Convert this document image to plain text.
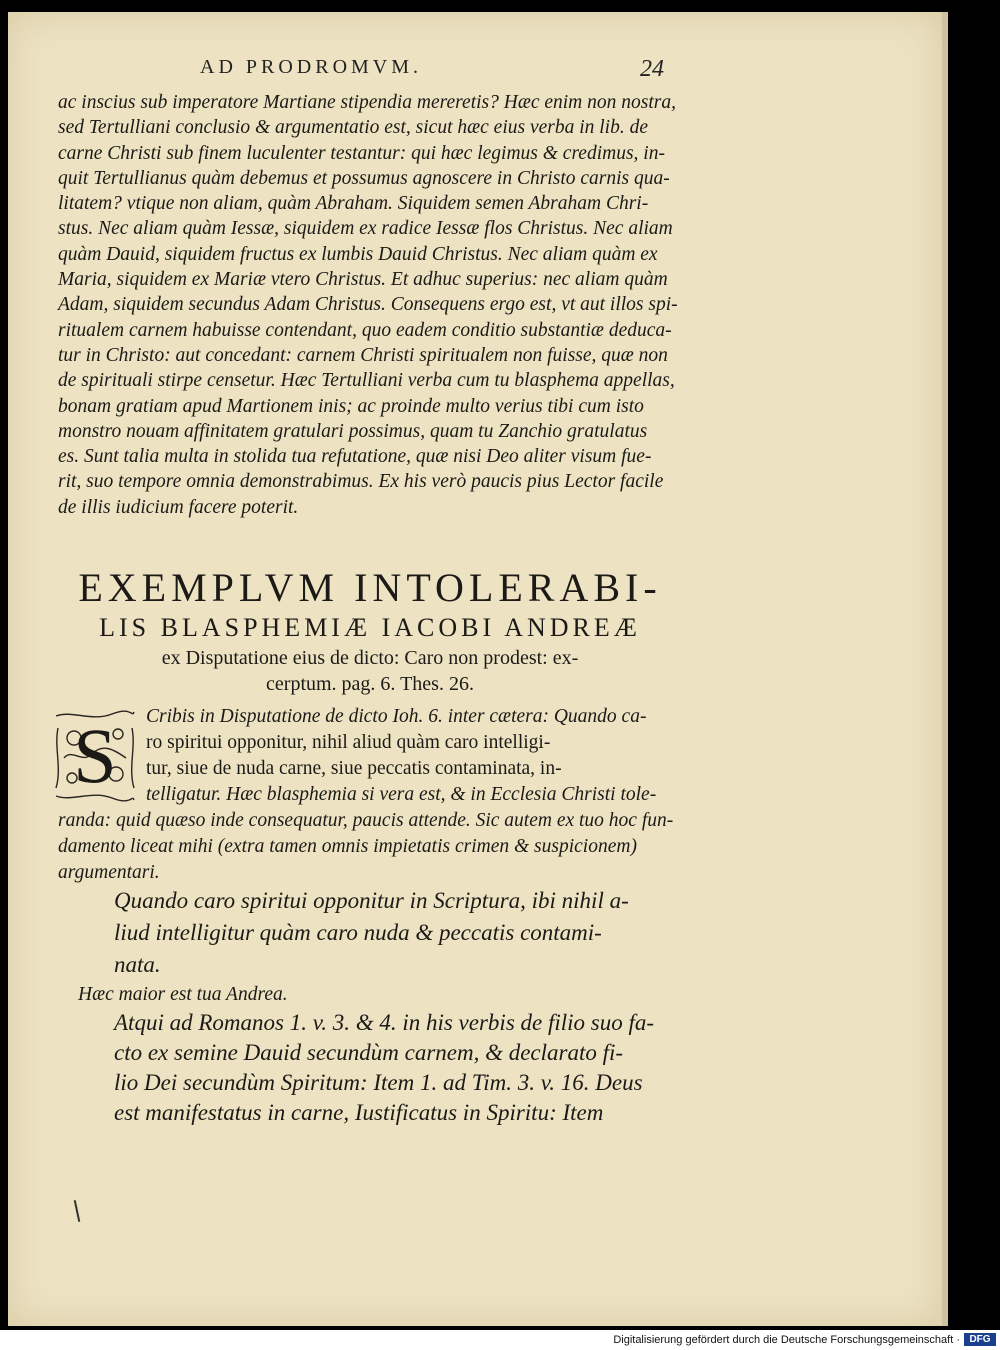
AD PRODROMVM.	24
ac inscius sub imperatore Martiane stipendia mereretis? Hæc enim non nostra,
sed Tertulliani conclusio & argumentatio est, sicut hæc eius verba in lib. de
carne Christi sub finem luculenter testantur: qui hæc legimus & credimus, in-
quit Tertullianus quàm debemus et possumus agnoscere in Christo carnis qua-
litatem? vtique non aliam, quàm Abraham. Siquidem semen Abraham Chri-
stus. Nec aliam quàm Iessæ, siquidem ex radice Iessæ flos Christus. Nec aliam
quàm Dauid, siquidem fructus ex lumbis Dauid Christus. Nec aliam quàm ex
Maria, siquidem ex Mariæ vtero Christus. Et adhuc superius: nec aliam quàm
Adam, siquidem secundus Adam Christus. Consequens ergo est, vt aut illos spi-
ritualem carnem habuisse contendant, quo eadem conditio substantiæ deduca-
tur in Christo: aut concedant: carnem Christi spiritualem non fuisse, quæ non
de spirituali stirpe censetur. Hæc Tertulliani verba cum tu blasphema appellas,
bonam gratiam apud Martionem inis; ac proinde multo verius tibi cum isto
monstro nouam affinitatem gratulari possimus, quam tu Zanchio gratulatus
es. Sunt talia multa in stolida tua refutatione, quæ nisi Deo aliter visum fue-
rit, suo tempore omnia demonstrabimus. Ex his verò paucis pius Lector facile
de illis iudicium facere poterit.
EXEMPLVM INTOLERABI-
LIS BLASPHEMIÆ IACOBI ANDREÆ
ex Disputatione eius de dicto: Caro non prodest: ex-
cerptum. pag. 6. Thes. 26.
S Cribis in Disputatione de dicto Ioh. 6. inter cætera: Quando ca-
ro spiritui opponitur, nihil aliud quàm caro intelligi-
tur, siue de nuda carne, siue peccatis contaminata, in-
telligatur. Hæc blasphemia si vera est, & in Ecclesia Christi tole-
randa: quid quæso inde consequatur, paucis attende. Sic autem ex tuo hoc fun-
damento liceat mihi (extra tamen omnis impietatis crimen & suspicionem)
argumentari.
Quando caro spiritui opponitur in Scriptura, ibi nihil a-
liud intelligitur quàm caro nuda & peccatis contami-
nata.
Hæc maior est tua Andrea.
Atqui ad Romanos 1. v. 3. & 4. in his verbis de filio suo fa-
cto ex semine Dauid secundùm carnem, & declarato fi-
lio Dei secundùm Spiritum: Item 1. ad Tim. 3. v. 16. Deus
est manifestatus in carne, Iustificatus in Spiritu: Item
Digitalisierung gefördert durch die Deutsche Forschungsgemeinschaft · DFG
